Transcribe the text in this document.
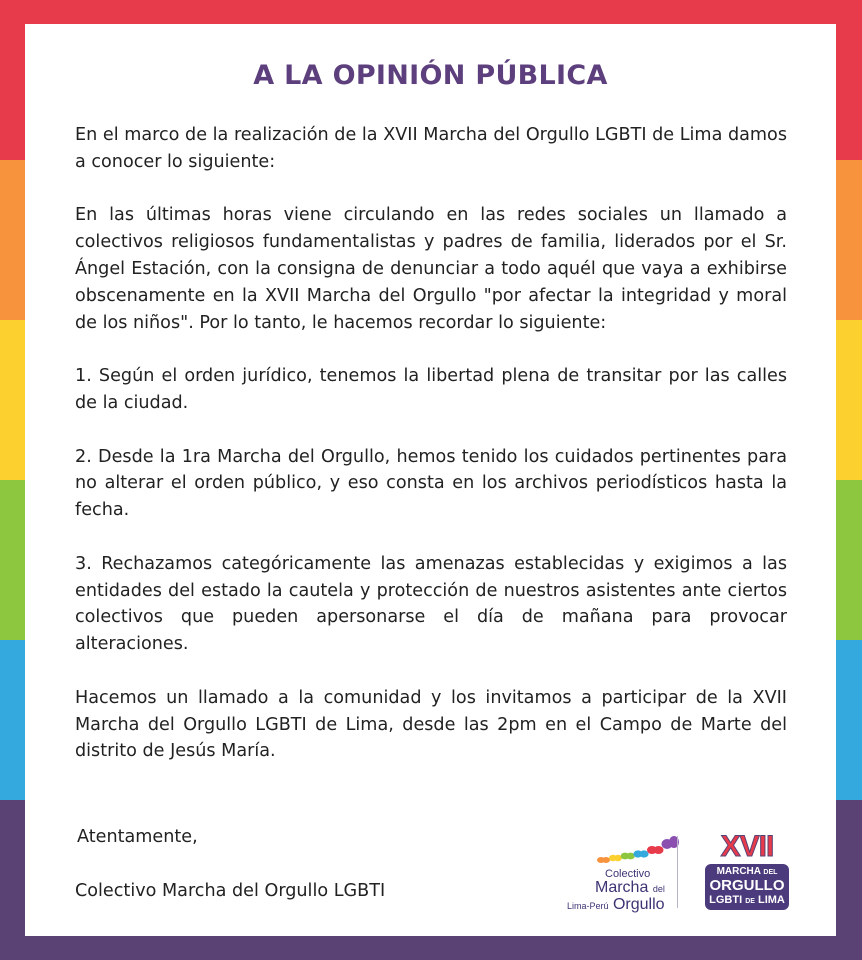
A LA OPINIÓN PÚBLICA

En el marco de la realización de la XVII Marcha del Orgullo LGBTI de Lima damos a conocer lo siguiente:

En las últimas horas viene circulando en las redes sociales un llamado a colectivos religiosos fundamentalistas y padres de familia, liderados por el Sr. Ángel Estación, con la consigna de denunciar a todo aquél que vaya a exhibirse obscenamente en la XVII Marcha del Orgullo "por afectar la integridad y moral de los niños". Por lo tanto, le hacemos recordar lo siguiente:

1. Según el orden jurídico, tenemos la libertad plena de transitar por las calles de la ciudad.

2. Desde la 1ra Marcha del Orgullo, hemos tenido los cuidados pertinentes para no alterar el orden público, y eso consta en los archivos periodísticos hasta la fecha.

3. Rechazamos categóricamente las amenazas establecidas y exigimos a las entidades del estado la cautela y protección de nuestros asistentes ante ciertos colectivos que pueden apersonarse el día de mañana para provocar alteraciones.

Hacemos un llamado a la comunidad y los invitamos a participar de la XVII Marcha del Orgullo LGBTI de Lima, desde las 2pm en el Campo de Marte del distrito de Jesús María.

Atentamente,
Colectivo Marcha del Orgullo LGBTI
Colectivo
Marcha del
Lima-Perú Orgullo
XVII
MARCHA DEL
ORGULLO
LGBTI DE LIMA
